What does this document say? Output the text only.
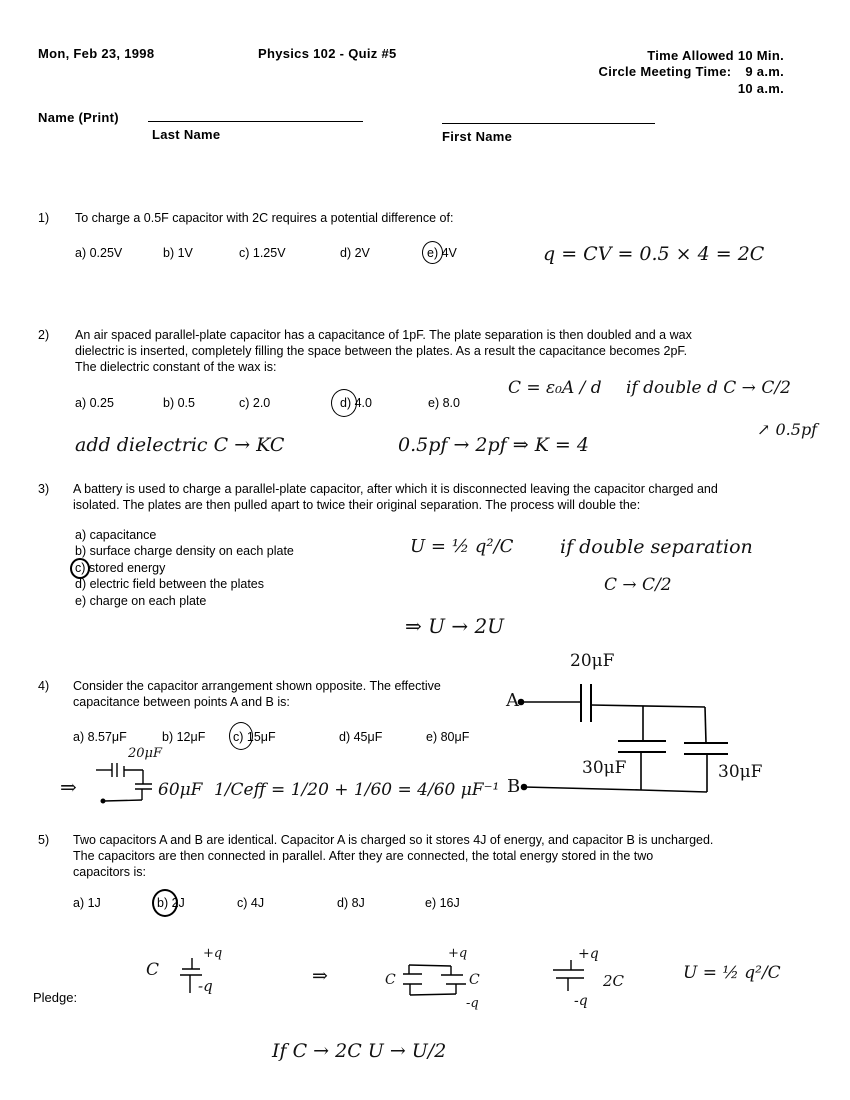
Mon, Feb 23, 1998	Physics 102 - Quiz #5	Time Allowed 10 Min.
Circle Meeting Time: 9 a.m.
10 a.m.
Name (Print)
Last Name	First Name
1) To charge a 0.5F capacitor with 2C requires a potential difference of:
a) 0.25V	b) 1V	c) 1.25V	d) 2V	e) 4V	q = CV = 0.5 × 4 = 2C
2) An air spaced parallel-plate capacitor has a capacitance of 1pF. The plate separation is then doubled and a wax
dielectric is inserted, completely filling the space between the plates. As a result the capacitance becomes 2pF.
The dielectric constant of the wax is:
a) 0.25	b) 0.5	c) 2.0	d) 4.0	e) 8.0
C = ε₀A / d if double d C → C/2
↗ 0.5pf
add dielectric C → KC	0.5pf → 2pf ⇒ K = 4
3) A battery is used to charge a parallel-plate capacitor, after which it is disconnected leaving the capacitor charged and
isolated. The plates are then pulled apart to twice their original separation. The process will double the:
a) capacitance
b) surface charge density on each plate
c) stored energy
d) electric field between the plates
e) charge on each plate
U = ½ q²/C if double separation
C → C/2
⇒ U → 2U
4) Consider the capacitor arrangement shown opposite. The effective
capacitance between points A and B is:
a) 8.57μF	b) 12μF c) 15μF	d) 45μF	e) 80μF
20μF
A
B
30μF	30μF
⇒
20μF
60μF 1/Ceff = 1/20 + 1/60 = 4/60 μF⁻¹
5) Two capacitors A and B are identical. Capacitor A is charged so it stores 4J of energy, and capacitor B is uncharged.
The capacitors are then connected in parallel. After they are connected, the total energy stored in the two
capacitors is:
a) 1J	b) 2J	c) 4J	d) 8J	e) 16J
C
+q
-q	⇒	C	C
+q
-q
+q
-q
2C	U = ½ q²/C
If C → 2C U → U/2
Pledge:
